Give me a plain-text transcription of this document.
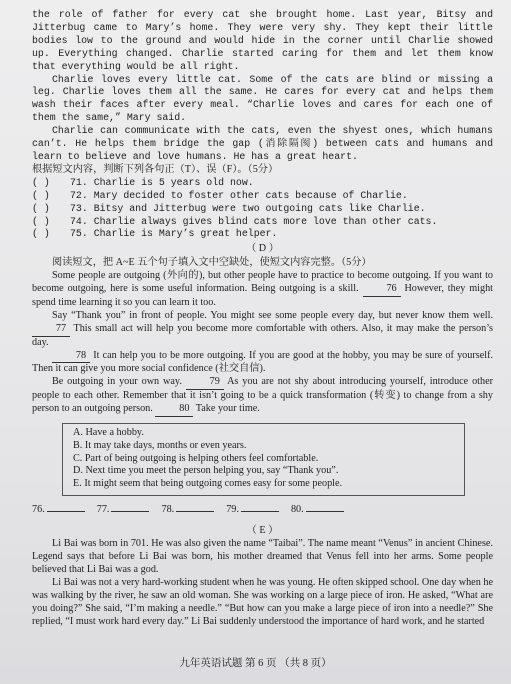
the role of father for every cat she brought home. Last year, Bitsy and Jitterbug came to Mary’s home. They were very shy. They kept their little bodies low to the ground and would hide in the corner until Charlie showed up. Everything changed. Charlie started caring for them and let them know that everything would be all right.

Charlie loves every little cat. Some of the cats are blind or missing a leg. Charlie loves them all the same. He cares for every cat and helps them wash their faces after every meal. “Charlie loves and cares for each one of them the same,” Mary said.

Charlie can communicate with the cats, even the shyest ones, which humans can’t. He helps them bridge the gap (消除隔阂) between cats and humans and learn to believe and love humans. He has a great heart.

根据短文内容，判断下列各句正（T）、误（F）。（5分）

( )	71. Charlie is 5 years old now.
( )	72. Mary decided to foster other cats because of Charlie.
( )	73. Bitsy and Jitterbug were two outgoing cats like Charlie.
( )	74. Charlie always gives blind cats more love than other cats.
( )	75. Charlie is Mary’s great helper.
（ D ）

阅读短文，把 A~E 五个句子填入文中空缺处，使短文内容完整。（5分）

Some people are outgoing (外向的), but other people have to practice to become outgoing. If you want to become outgoing, here is some useful information. Being outgoing is a skill.	76 However, they might spend time learning it so you can learn it too.

Say “Thank you” in front of people. You might see some people every day, but never know them well. 77 This small act will help you become more comfortable with others. Also, it may make the person’s day.

78 It can help you to be more outgoing. If you are good at the hobby, you may be sure of yourself. Then it can give you more social confidence (社交自信).

Be outgoing in your own way.	79 As you are not shy about introducing yourself, introduce other people to each other. Remember that it isn’t going to be a quick transformation (转变) to change from a shy person to an outgoing person.	80 Take your time.

A. Have a hobby.
B. It may take days, months or even years.
C. Part of being outgoing is helping others feel comfortable.
D. Next time you meet the person helping you, say “Thank you”.
E. It might seem that being outgoing comes easy for some people.
76.	77.	78.	79.	80.
（ E ）

Li Bai was born in 701. He was also given the name “Taibai”. The name meant “Venus” in ancient Chinese. Legend says that before Li Bai was born, his mother dreamed that Venus fell into her arms. Some people believed that Li Bai was a god.

Li Bai was not a very hard-working student when he was young. He often skipped school. One day when he was walking by the river, he saw an old woman. She was working on a large piece of iron. He asked, “What are you doing?” She said, “I’m making a needle.” “But how can you make a large piece of iron into a needle?” She replied, “I must work hard every day.” Li Bai suddenly understood the importance of hard work, and he started

九年英语试题 第 6 页 （共 8 页）
